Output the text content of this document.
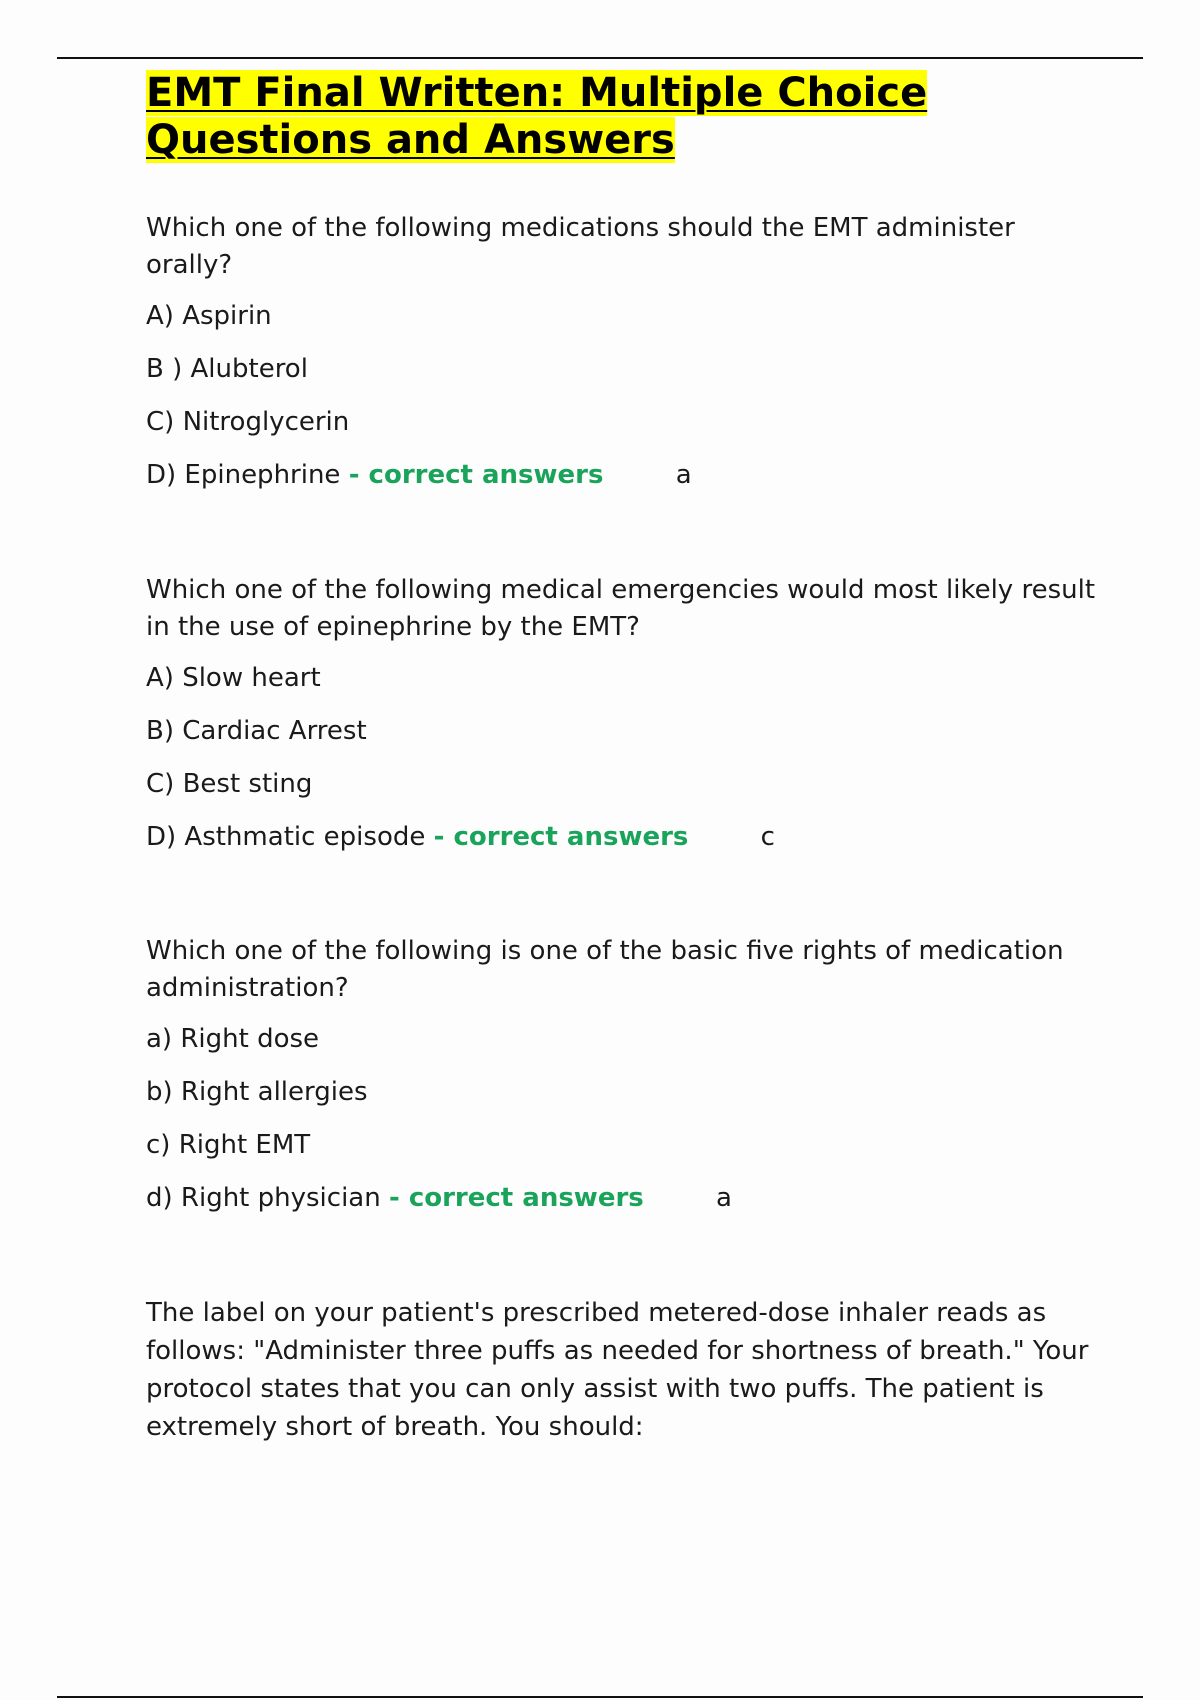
EMT Final Written: Multiple Choice
Questions and Answers

Which one of the following medications should the EMT administer orally?

A) Aspirin
B ) Alubterol
C) Nitroglycerin
D) Epinephrine - correct answers	a

Which one of the following medical emergencies would most likely result in the use of epinephrine by the EMT?

A) Slow heart
B) Cardiac Arrest
C) Best sting
D) Asthmatic episode - correct answers	c

Which one of the following is one of the basic five rights of medication administration?

a) Right dose
b) Right allergies
c) Right EMT
d) Right physician - correct answers	a

The label on your patient's prescribed metered-dose inhaler reads as follows: "Administer three puffs as needed for shortness of breath." Your protocol states that you can only assist with two puffs. The patient is extremely short of breath. You should:
